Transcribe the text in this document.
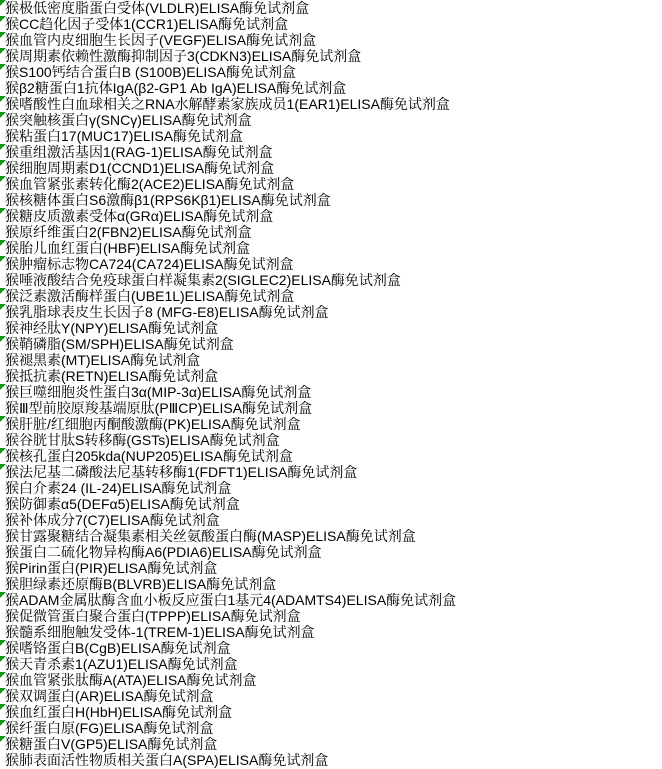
猴极低密度脂蛋白受体(VLDLR)ELISA酶免试剂盒
猴CC趋化因子受体1(CCR1)ELISA酶免试剂盒
猴血管内皮细胞生长因子(VEGF)ELISA酶免试剂盒
猴周期素依赖性激酶抑制因子3(CDKN3)ELISA酶免试剂盒
猴S100钙结合蛋白B (S100B)ELISA酶免试剂盒
猴β2糖蛋白1抗体IgA(β2-GP1 Ab IgA)ELISA酶免试剂盒
猴嗜酸性白血球相关之RNA水解酵素家族成员1(EAR1)ELISA酶免试剂盒
猴突触核蛋白γ(SNCγ)ELISA酶免试剂盒
猴粘蛋白17(MUC17)ELISA酶免试剂盒
猴重组激活基因1(RAG-1)ELISA酶免试剂盒
猴细胞周期素D1(CCND1)ELISA酶免试剂盒
猴血管紧张素转化酶2(ACE2)ELISA酶免试剂盒
猴核糖体蛋白S6激酶β1(RPS6Kβ1)ELISA酶免试剂盒
猴糖皮质激素受体α(GRα)ELISA酶免试剂盒
猴原纤维蛋白2(FBN2)ELISA酶免试剂盒
猴胎儿血红蛋白(HBF)ELISA酶免试剂盒
猴肿瘤标志物CA724(CA724)ELISA酶免试剂盒
猴唾液酸结合免疫球蛋白样凝集素2(SIGLEC2)ELISA酶免试剂盒
猴泛素激活酶样蛋白(UBE1L)ELISA酶免试剂盒
猴乳脂球表皮生长因子8 (MFG-E8)ELISA酶免试剂盒
猴神经肽Y(NPY)ELISA酶免试剂盒
猴鞘磷脂(SM/SPH)ELISA酶免试剂盒
猴褪黑素(MT)ELISA酶免试剂盒
猴抵抗素(RETN)ELISA酶免试剂盒
猴巨噬细胞炎性蛋白3α(MIP-3α)ELISA酶免试剂盒
猴Ⅲ型前胶原羧基端原肽(PⅢCP)ELISA酶免试剂盒
猴肝脏/红细胞丙酮酸激酶(PK)ELISA酶免试剂盒
猴谷胱甘肽S转移酶(GSTs)ELISA酶免试剂盒
猴核孔蛋白205kda(NUP205)ELISA酶免试剂盒
猴法尼基二磷酸法尼基转移酶1(FDFT1)ELISA酶免试剂盒
猴白介素24 (IL-24)ELISA酶免试剂盒
猴防御素α5(DEFα5)ELISA酶免试剂盒
猴补体成分7(C7)ELISA酶免试剂盒
猴甘露聚糖结合凝集素相关丝氨酸蛋白酶(MASP)ELISA酶免试剂盒
猴蛋白二硫化物异构酶A6(PDIA6)ELISA酶免试剂盒
猴Pirin蛋白(PIR)ELISA酶免试剂盒
猴胆绿素还原酶B(BLVRB)ELISA酶免试剂盒
猴ADAM金属肽酶含血小板反应蛋白1基元4(ADAMTS4)ELISA酶免试剂盒
猴促微管蛋白聚合蛋白(TPPP)ELISA酶免试剂盒
猴髓系细胞触发受体-1(TREM-1)ELISA酶免试剂盒
猴嗜铬蛋白B(CgB)ELISA酶免试剂盒
猴天青杀素1(AZU1)ELISA酶免试剂盒
猴血管紧张肽酶A(ATA)ELISA酶免试剂盒
猴双调蛋白(AR)ELISA酶免试剂盒
猴血红蛋白H(HbH)ELISA酶免试剂盒
猴纤蛋白原(FG)ELISA酶免试剂盒
猴糖蛋白V(GP5)ELISA酶免试剂盒
猴肺表面活性物质相关蛋白A(SPA)ELISA酶免试剂盒
